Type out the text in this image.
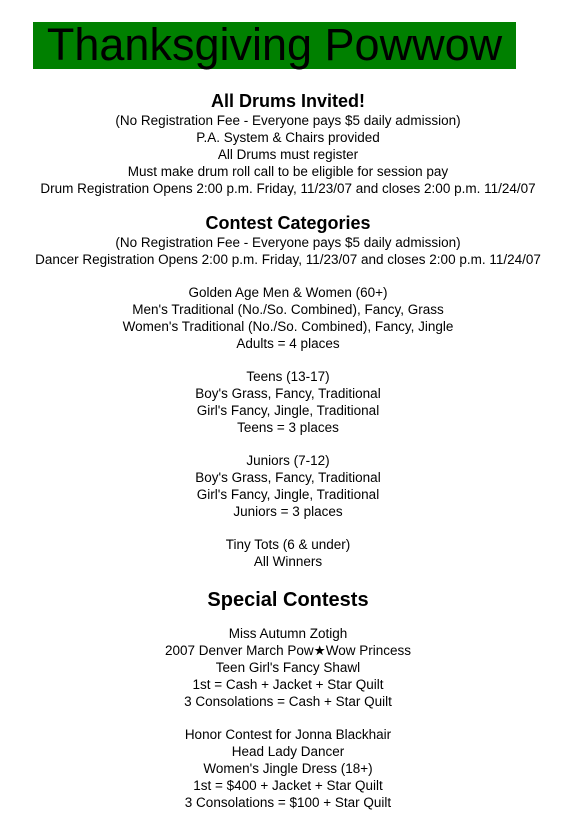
Thanksgiving Powwow

All Drums Invited!

(No Registration Fee - Everyone pays $5 daily admission)

P.A. System & Chairs provided

All Drums must register

Must make drum roll call to be eligible for session pay

Drum Registration Opens 2:00 p.m. Friday, 11/23/07 and closes 2:00 p.m. 11/24/07

Contest Categories

(No Registration Fee - Everyone pays $5 daily admission)

Dancer Registration Opens 2:00 p.m. Friday, 11/23/07 and closes 2:00 p.m. 11/24/07

Golden Age Men & Women (60+)

Men's Traditional (No./So. Combined), Fancy, Grass

Women's Traditional (No./So. Combined), Fancy, Jingle

Adults = 4 places

Teens (13-17)

Boy's Grass, Fancy, Traditional

Girl's Fancy, Jingle, Traditional

Teens = 3 places

Juniors (7-12)

Boy's Grass, Fancy, Traditional

Girl's Fancy, Jingle, Traditional

Juniors = 3 places

Tiny Tots (6 & under)

All Winners

Special Contests

Miss Autumn Zotigh

2007 Denver March Pow★Wow Princess

Teen Girl's Fancy Shawl

1st = Cash + Jacket + Star Quilt

3 Consolations = Cash + Star Quilt

Honor Contest for Jonna Blackhair

Head Lady Dancer

Women's Jingle Dress (18+)

1st = $400 + Jacket + Star Quilt

3 Consolations = $100 + Star Quilt
